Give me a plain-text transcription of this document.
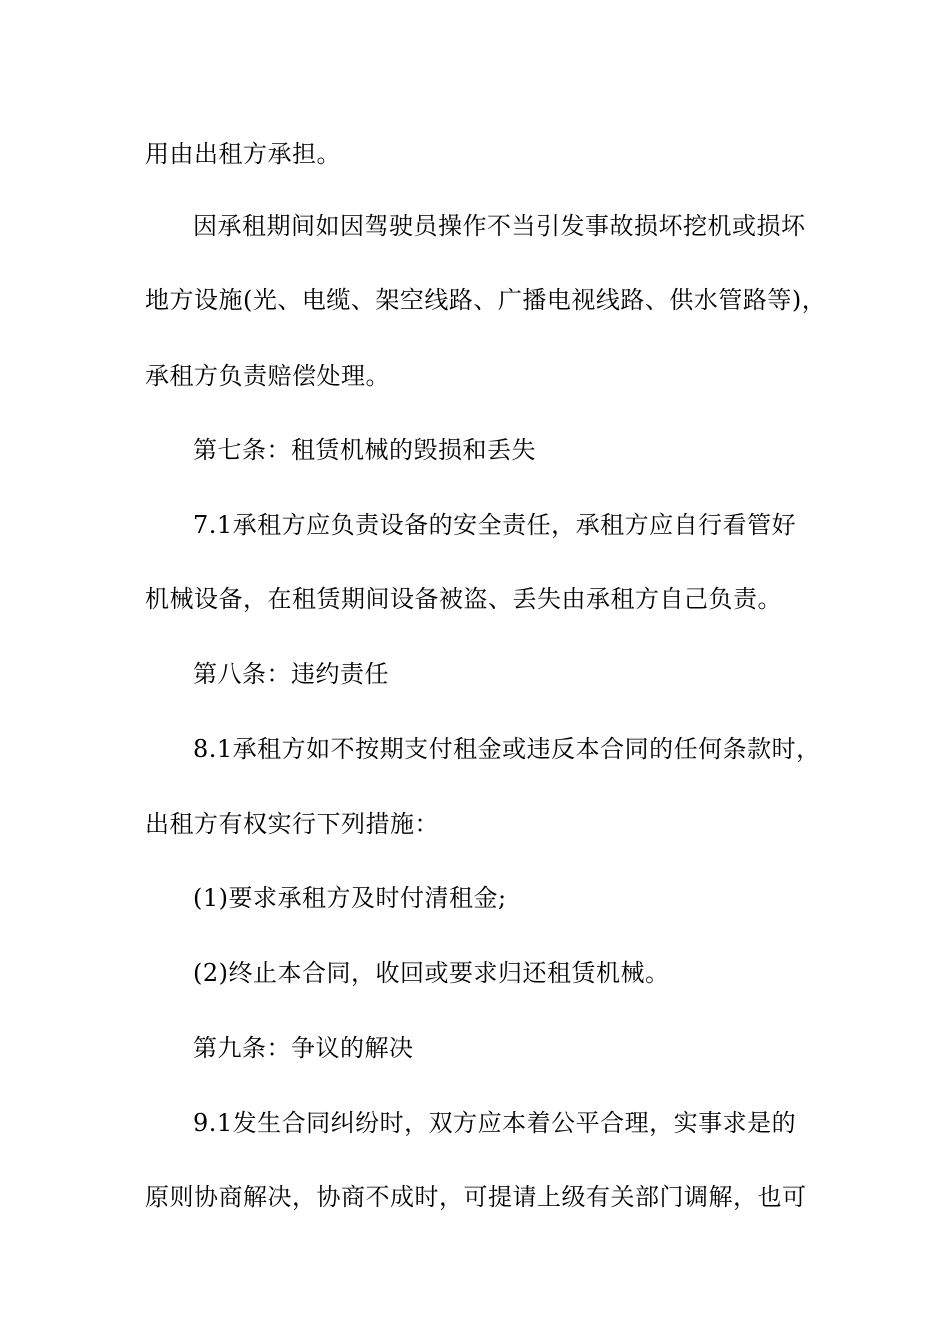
用由出租方承担。
因承租期间如因驾驶员操作不当引发事故损坏挖机或损坏
地方设施(光、电缆、架空线路、广播电视线路、供水管路等)，
承租方负责赔偿处理。
第七条：租赁机械的毁损和丢失
7.1承租方应负责设备的安全责任，承租方应自行看管好
机械设备，在租赁期间设备被盗、丢失由承租方自己负责。
第八条：违约责任
8.1承租方如不按期支付租金或违反本合同的任何条款时，
出租方有权实行下列措施：
(1)要求承租方及时付清租金;
(2)终止本合同，收回或要求归还租赁机械。
第九条：争议的解决
9.1发生合同纠纷时，双方应本着公平合理，实事求是的
原则协商解决，协商不成时，可提请上级有关部门调解，也可
